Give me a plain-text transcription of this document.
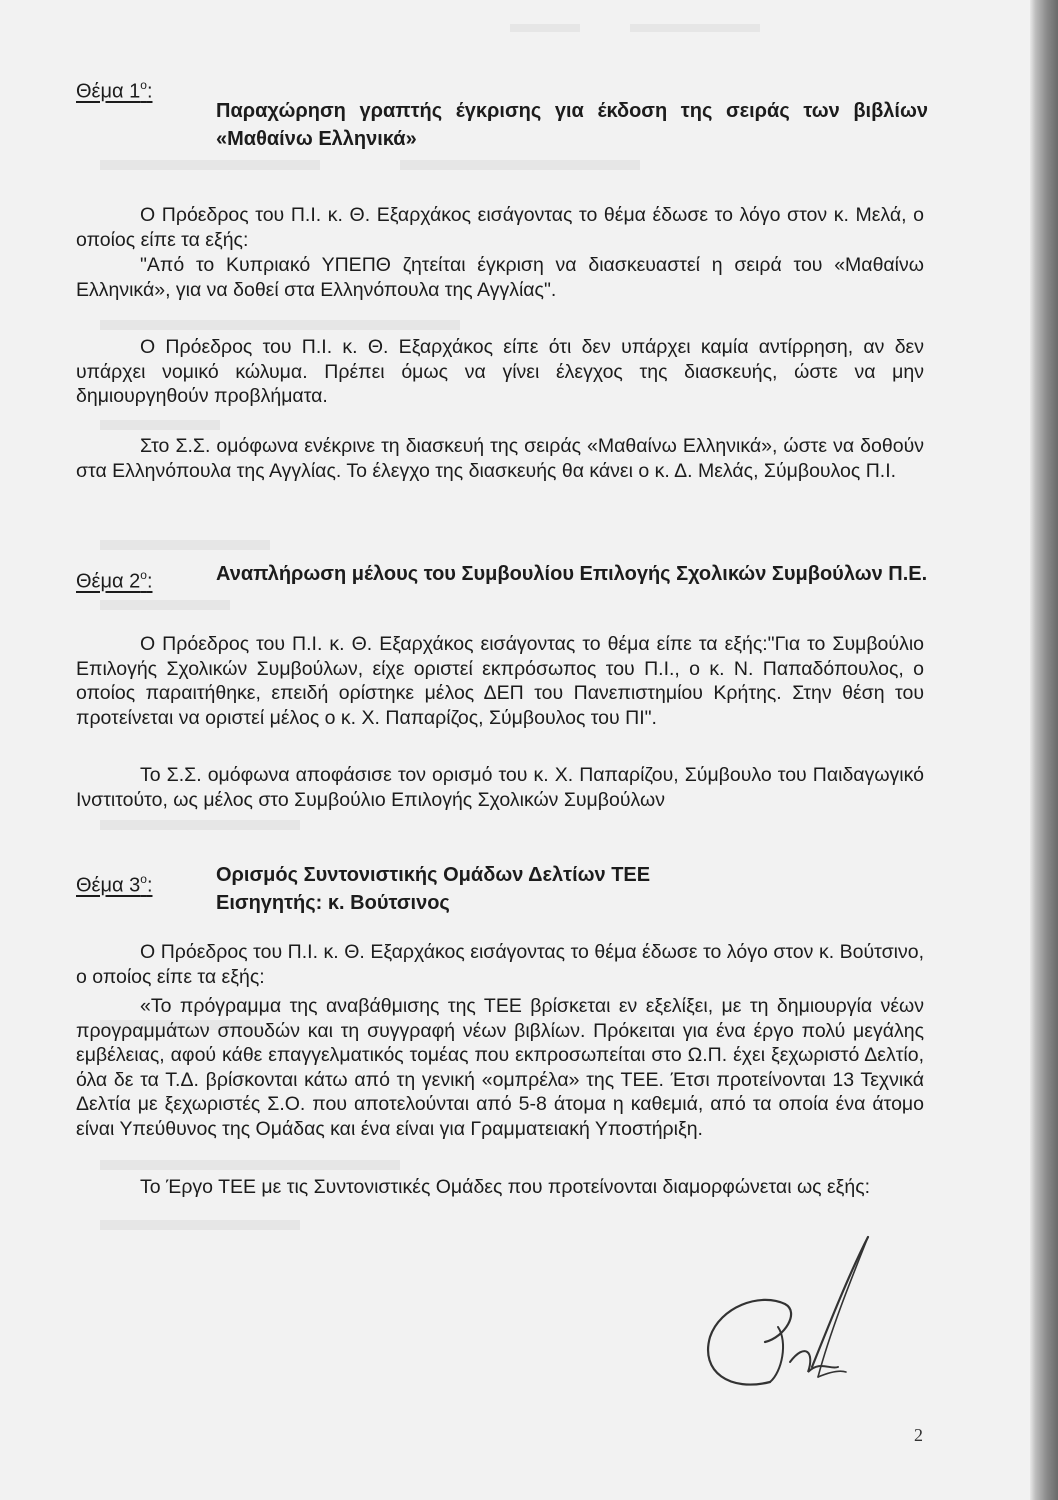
Θέμα $1^o$:
Παραχώρηση γραπτής έγκρισης για έκδοση της σειράς των βιβλίων «Μαθαίνω Ελληνικά»
Ο Πρόεδρος του Π.Ι. κ. Θ. Εξαρχάκος εισάγοντας το θέμα έδωσε το λόγο στον κ. Μελά, ο οποίος είπε τα εξής:
"Από το Κυπριακό ΥΠΕΠΘ ζητείται έγκριση να διασκευαστεί η σειρά του «Μαθαίνω Ελληνικά», για να δοθεί στα Ελληνόπουλα της Αγγλίας".
Ο Πρόεδρος του Π.Ι. κ. Θ. Εξαρχάκος είπε ότι δεν υπάρχει καμία αντίρρηση, αν δεν υπάρχει νομικό κώλυμα. Πρέπει όμως να γίνει έλεγχος της διασκευής, ώστε να μην δημιουργηθούν προβλήματα.
Στο Σ.Σ. ομόφωνα ενέκρινε τη διασκευή της σειράς «Μαθαίνω Ελληνικά», ώστε να δοθούν στα Ελληνόπουλα της Αγγλίας. Το έλεγχο της διασκευής θα κάνει ο κ. Δ. Μελάς, Σύμβουλος Π.Ι.
Θέμα $2^o$:	Αναπλήρωση μέλους του Συμβουλίου Επιλογής Σχολικών Συμβούλων Π.Ε.
Ο Πρόεδρος του Π.Ι. κ. Θ. Εξαρχάκος εισάγοντας το θέμα είπε τα εξής:"Για το Συμβούλιο Επιλογής Σχολικών Συμβούλων, είχε οριστεί εκπρόσωπος του Π.Ι., ο κ. Ν. Παπαδόπουλος, ο οποίος παραιτήθηκε, επειδή ορίστηκε μέλος ΔΕΠ του Πανεπιστημίου Κρήτης. Στην θέση του προτείνεται να οριστεί μέλος ο κ. Χ. Παπαρίζος, Σύμβουλος του ΠΙ".
Το Σ.Σ. ομόφωνα αποφάσισε τον ορισμό του κ. Χ. Παπαρίζου, Σύμβουλο του Παιδαγωγικό Ινστιτούτο, ως μέλος στο Συμβούλιο Επιλογής Σχολικών Συμβούλων
Θέμα $3^o$:	Ορισμός Συντονιστικής Ομάδων Δελτίων ΤΕΕ
Εισηγητής: κ. Βούτσινος
Ο Πρόεδρος του Π.Ι. κ. Θ. Εξαρχάκος εισάγοντας το θέμα έδωσε το λόγο στον κ. Βούτσινο, ο οποίος είπε τα εξής:
«Το πρόγραμμα της αναβάθμισης της ΤΕΕ βρίσκεται εν εξελίξει, με τη δημιουργία νέων προγραμμάτων σπουδών και τη συγγραφή νέων βιβλίων. Πρόκειται για ένα έργο πολύ μεγάλης εμβέλειας, αφού κάθε επαγγελματικός τομέας που εκπροσωπείται στο Ω.Π. έχει ξεχωριστό Δελτίο, όλα δε τα Τ.Δ. βρίσκονται κάτω από τη γενική «ομπρέλα» της ΤΕΕ. Έτσι προτείνονται 13 Τεχνικά Δελτία με ξεχωριστές Σ.Ο. που αποτελούνται από 5-8 άτομα η καθεμιά, από τα οποία ένα άτομο είναι Υπεύθυνος της Ομάδας και ένα είναι για Γραμματειακή Υποστήριξη.
Το Έργο ΤΕΕ με τις Συντονιστικές Ομάδες που προτείνονται διαμορφώνεται ως εξής:
2
